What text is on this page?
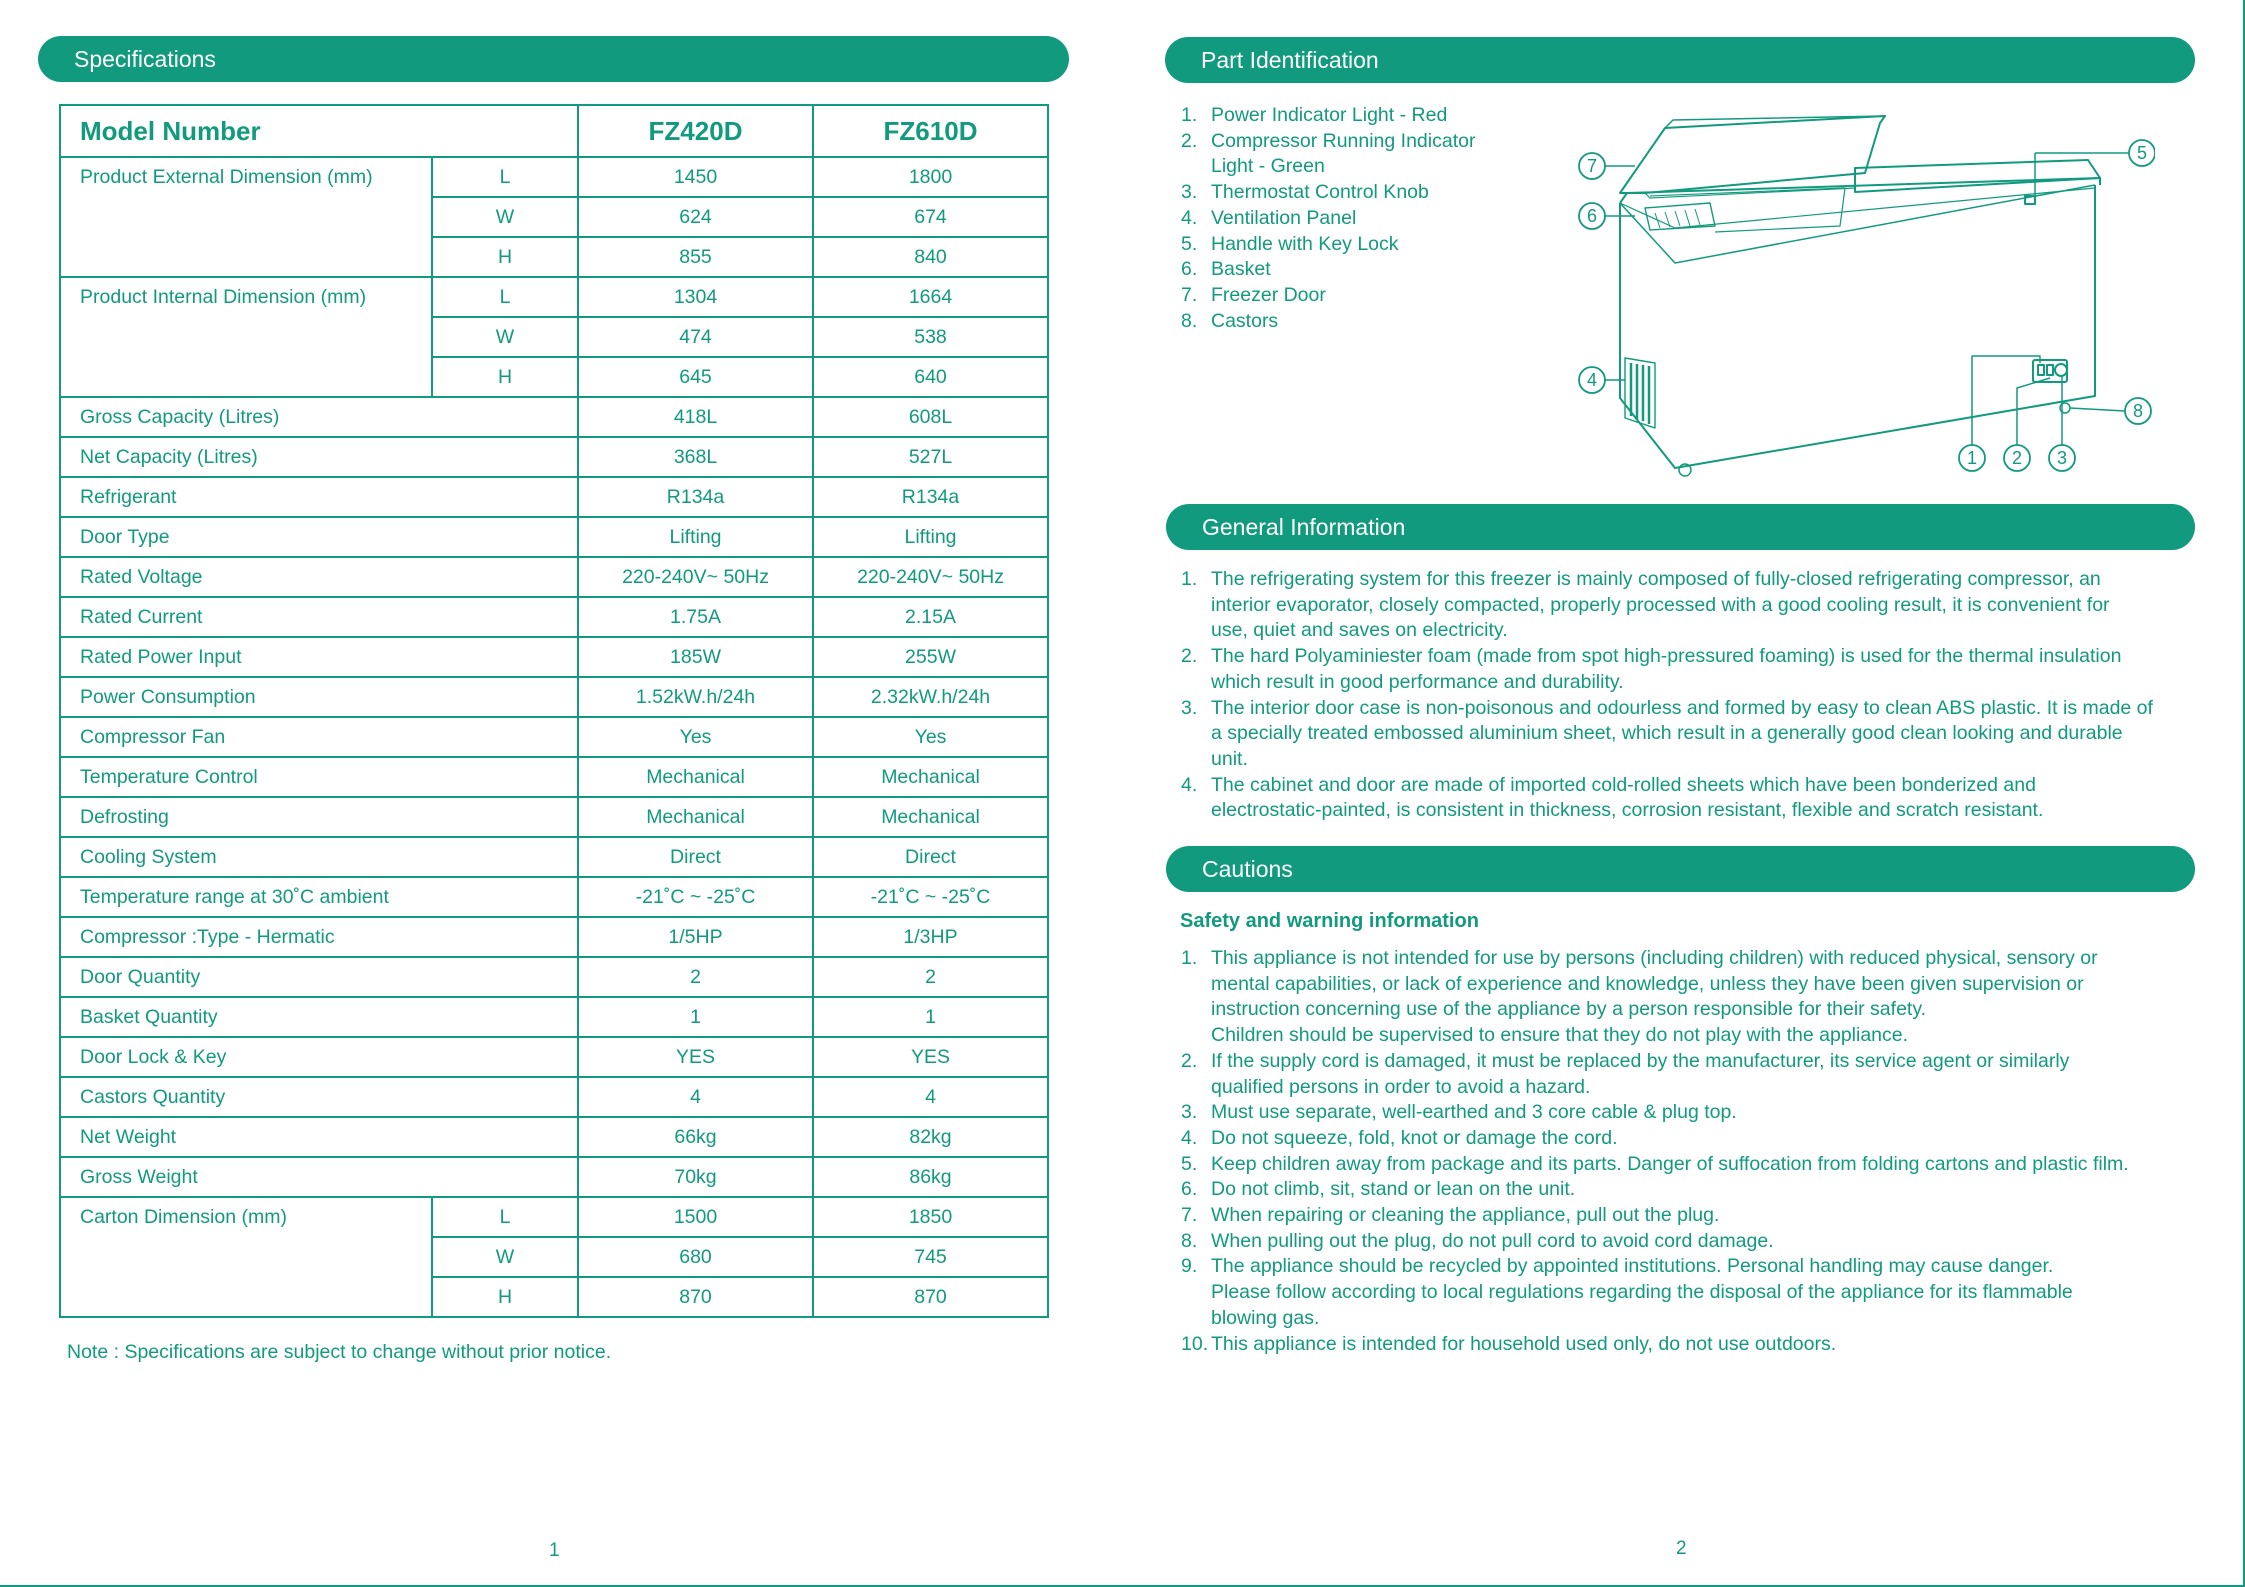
Specifications
Model Number		FZ420D	FZ610D
Product External Dimension (mm)	L	1450	1800
	W	624	674
	H	855	840
Product Internal Dimension (mm)	L	1304	1664
	W	474	538
	H	645	640
Gross Capacity (Litres)		418L	608L
Net Capacity (Litres)		368L	527L
Refrigerant		R134a	R134a
Door Type		Lifting	Lifting
Rated Voltage		220-240V~ 50Hz	220-240V~ 50Hz
Rated Current		1.75A	2.15A
Rated Power Input		185W	255W
Power Consumption		1.52kW.h/24h	2.32kW.h/24h
Compressor Fan		Yes	Yes
Temperature Control		Mechanical	Mechanical
Defrosting		Mechanical	Mechanical
Cooling System		Direct	Direct
Temperature range at 30˚C ambient		-21˚C ~ -25˚C	-21˚C ~ -25˚C
Compressor :Type - Hermatic		1/5HP	1/3HP
Door Quantity		2	2
Basket Quantity		1	1
Door Lock & Key		YES	YES
Castors Quantity		4	4
Net Weight		66kg	82kg
Gross Weight		70kg	86kg
Carton Dimension (mm)	L	1500	1850
	W	680	745
	H	870	870
Note : Specifications are subject to change without prior notice.
1
Part Identification
1. Power Indicator Light - Red
2. Compressor Running Indicator
Light - Green
3. Thermostat Control Knob
4. Ventilation Panel
5. Handle with Key Lock
6. Basket
7. Freezer Door
8. Castors
1 2 3
4
5
6
7
8
General Information
1. The refrigerating system for this freezer is mainly composed of fully-closed refrigerating compressor, an
interior evaporator, closely compacted, properly processed with a good cooling result, it is convenient for
use, quiet and saves on electricity.
2. The hard Polyaminiester foam (made from spot high-pressured foaming) is used for the thermal insulation
which result in good performance and durability.
3. The interior door case is non-poisonous and odourless and formed by easy to clean ABS plastic. It is made of
a specially treated embossed aluminium sheet, which result in a generally good clean looking and durable
unit.
4. The cabinet and door are made of imported cold-rolled sheets which have been bonderized and
electrostatic-painted, is consistent in thickness, corrosion resistant, flexible and scratch resistant.
Cautions
Safety and warning information
1. This appliance is not intended for use by persons (including children) with reduced physical, sensory or
mental capabilities, or lack of experience and knowledge, unless they have been given supervision or
instruction concerning use of the appliance by a person responsible for their safety.
Children should be supervised to ensure that they do not play with the appliance.
2. If the supply cord is damaged, it must be replaced by the manufacturer, its service agent or similarly
qualified persons in order to avoid a hazard.
3. Must use separate, well-earthed and 3 core cable & plug top.
4. Do not squeeze, fold, knot or damage the cord.
5. Keep children away from package and its parts. Danger of suffocation from folding cartons and plastic film.
6. Do not climb, sit, stand or lean on the unit.
7. When repairing or cleaning the appliance, pull out the plug.
8. When pulling out the plug, do not pull cord to avoid cord damage.
9. The appliance should be recycled by appointed institutions. Personal handling may cause danger.
Please follow according to local regulations regarding the disposal of the appliance for its flammable
blowing gas.
10. This appliance is intended for household used only, do not use outdoors.
2
